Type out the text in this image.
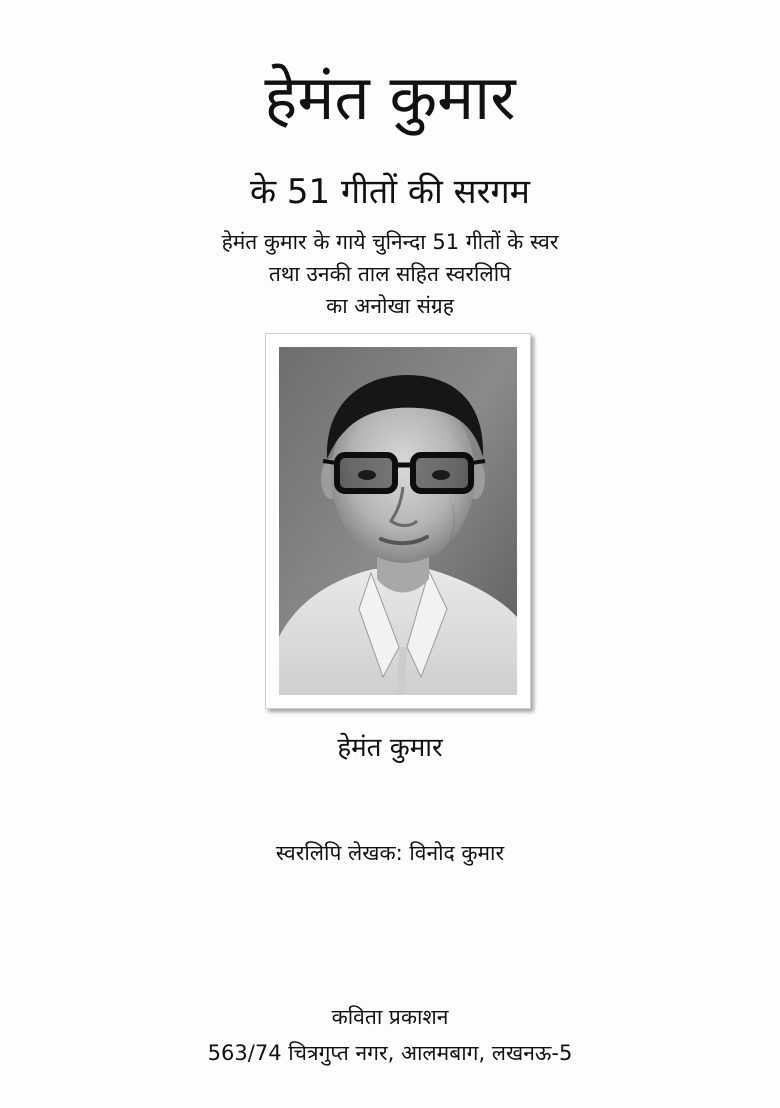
हेमंत कुमार
के 51 गीतों की सरगम
हेमंत कुमार के गाये चुनिन्दा 51 गीतों के स्वर
तथा उनकी ताल सहित स्वरलिपि
का अनोखा संग्रह
हेमंत कुमार
स्वरलिपि लेखक: विनोद कुमार
कविता प्रकाशन
563/74 चित्रगुप्त नगर, आलमबाग, लखनऊ-5
